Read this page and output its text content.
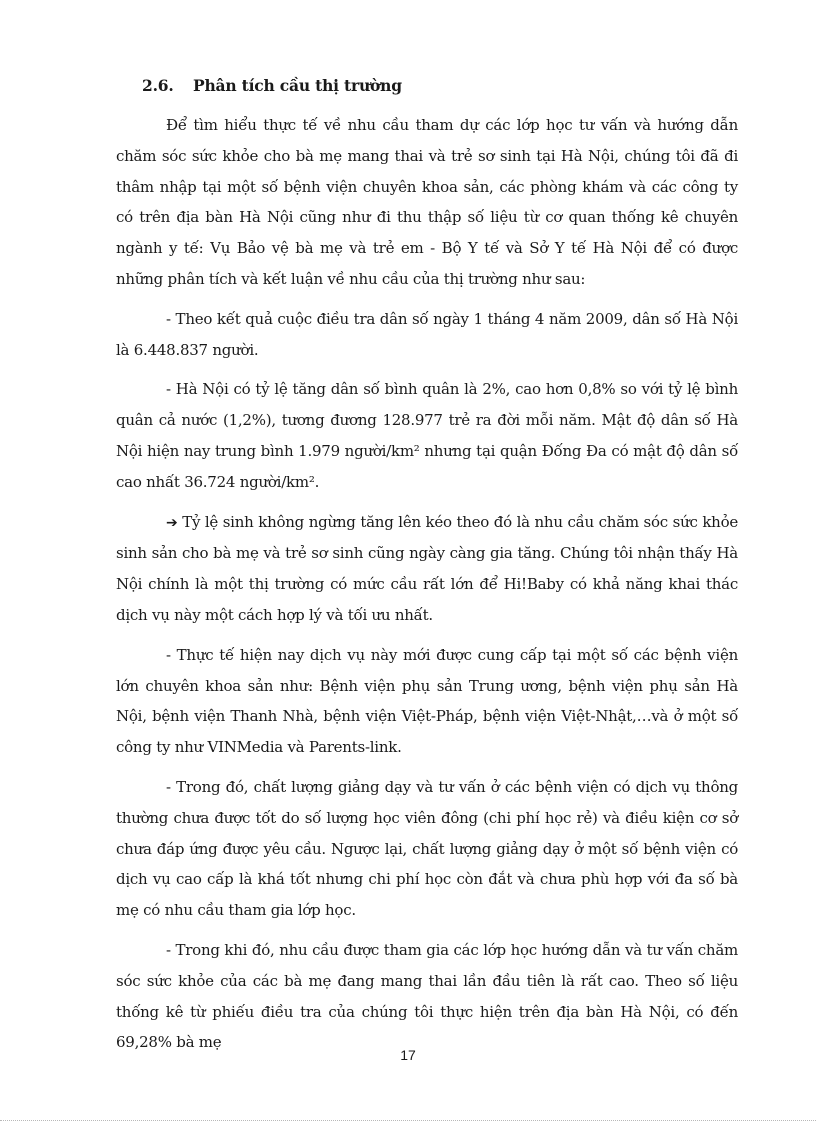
2.6. Phân tích cầu thị trường

Để tìm hiểu thực tế về nhu cầu tham dự các lớp học tư vấn và hướng dẫn chăm sóc sức khỏe cho bà mẹ mang thai và trẻ sơ sinh tại Hà Nội, chúng tôi đã đi thâm nhập tại một số bệnh viện chuyên khoa sản, các phòng khám và các công ty có trên địa bàn Hà Nội cũng như đi thu thập số liệu từ cơ quan thống kê chuyên ngành y tế: Vụ Bảo vệ bà mẹ và trẻ em - Bộ Y tế và Sở Y tế Hà Nội để có được những phân tích và kết luận về nhu cầu của thị trường như sau:

- Theo kết quả cuộc điều tra dân số ngày 1 tháng 4 năm 2009, dân số Hà Nội là 6.448.837 người.

- Hà Nội có tỷ lệ tăng dân số bình quân là 2%, cao hơn 0,8% so với tỷ lệ bình quân cả nước (1,2%), tương đương 128.977 trẻ ra đời mỗi năm. Mật độ dân số Hà Nội hiện nay trung bình 1.979 người/km² nhưng tại quận Đống Đa có mật độ dân số cao nhất 36.724 người/km².

➔ Tỷ lệ sinh không ngừng tăng lên kéo theo đó là nhu cầu chăm sóc sức khỏe sinh sản cho bà mẹ và trẻ sơ sinh cũng ngày càng gia tăng. Chúng tôi nhận thấy Hà Nội chính là một thị trường có mức cầu rất lớn để Hi!Baby có khả năng khai thác dịch vụ này một cách hợp lý và tối ưu nhất.

- Thực tế hiện nay dịch vụ này mới được cung cấp tại một số các bệnh viện lớn chuyên khoa sản như: Bệnh viện phụ sản Trung ương, bệnh viện phụ sản Hà Nội, bệnh viện Thanh Nhà, bệnh viện Việt-Pháp, bệnh viện Việt-Nhật,…và ở một số công ty như VINMedia và Parents-link.

- Trong đó, chất lượng giảng dạy và tư vấn ở các bệnh viện có dịch vụ thông thường chưa được tốt do số lượng học viên đông (chi phí học rẻ) và điều kiện cơ sở chưa đáp ứng được yêu cầu. Ngược lại, chất lượng giảng dạy ở một số bệnh viện có dịch vụ cao cấp là khá tốt nhưng chi phí học còn đắt và chưa phù hợp với đa số bà mẹ có nhu cầu tham gia lớp học.

- Trong khi đó, nhu cầu được tham gia các lớp học hướng dẫn và tư vấn chăm sóc sức khỏe của các bà mẹ đang mang thai lần đầu tiên là rất cao. Theo số liệu thống kê từ phiếu điều tra của chúng tôi thực hiện trên địa bàn Hà Nội, có đến 69,28% bà mẹ

17
